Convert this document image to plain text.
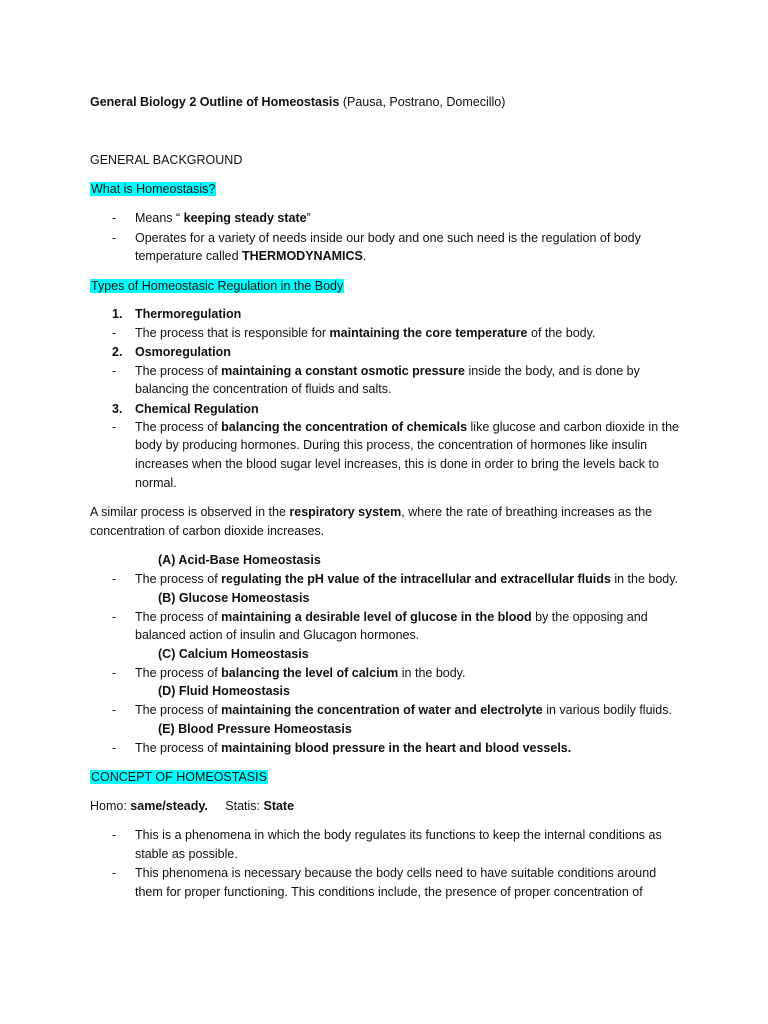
General Biology 2 Outline of Homeostasis (Pausa, Postrano, Domecillo)
GENERAL BACKGROUND
What is Homeostasis?
- Means “ keeping steady state”
- Operates for a variety of needs inside our body and one such need is the regulation of body
temperature called THERMODYNAMICS.
Types of Homeostasic Regulation in the Body
1. Thermoregulation
- The process that is responsible for maintaining the core temperature of the body.
2. Osmoregulation
- The process of maintaining a constant osmotic pressure inside the body, and is done by
balancing the concentration of fluids and salts.
3. Chemical Regulation
- The process of balancing the concentration of chemicals like glucose and carbon dioxide in the
body by producing hormones. During this process, the concentration of hormones like insulin
increases when the blood sugar level increases, this is done in order to bring the levels back to
normal.
A similar process is observed in the respiratory system, where the rate of breathing increases as the
concentration of carbon dioxide increases.
(A) Acid-Base Homeostasis
- The process of regulating the pH value of the intracellular and extracellular fluids in the body.
(B) Glucose Homeostasis
- The process of maintaining a desirable level of glucose in the blood by the opposing and
balanced action of insulin and Glucagon hormones.
(C) Calcium Homeostasis
- The process of balancing the level of calcium in the body.
(D) Fluid Homeostasis
- The process of maintaining the concentration of water and electrolyte in various bodily fluids.
(E) Blood Pressure Homeostasis
- The process of maintaining blood pressure in the heart and blood vessels.
CONCEPT OF HOMEOSTASIS
Homo: same/steady.     Statis: State
- This is a phenomena in which the body regulates its functions to keep the internal conditions as
stable as possible.
- This phenomena is necessary because the body cells need to have suitable conditions around
them for proper functioning. This conditions include, the presence of proper concentration of
